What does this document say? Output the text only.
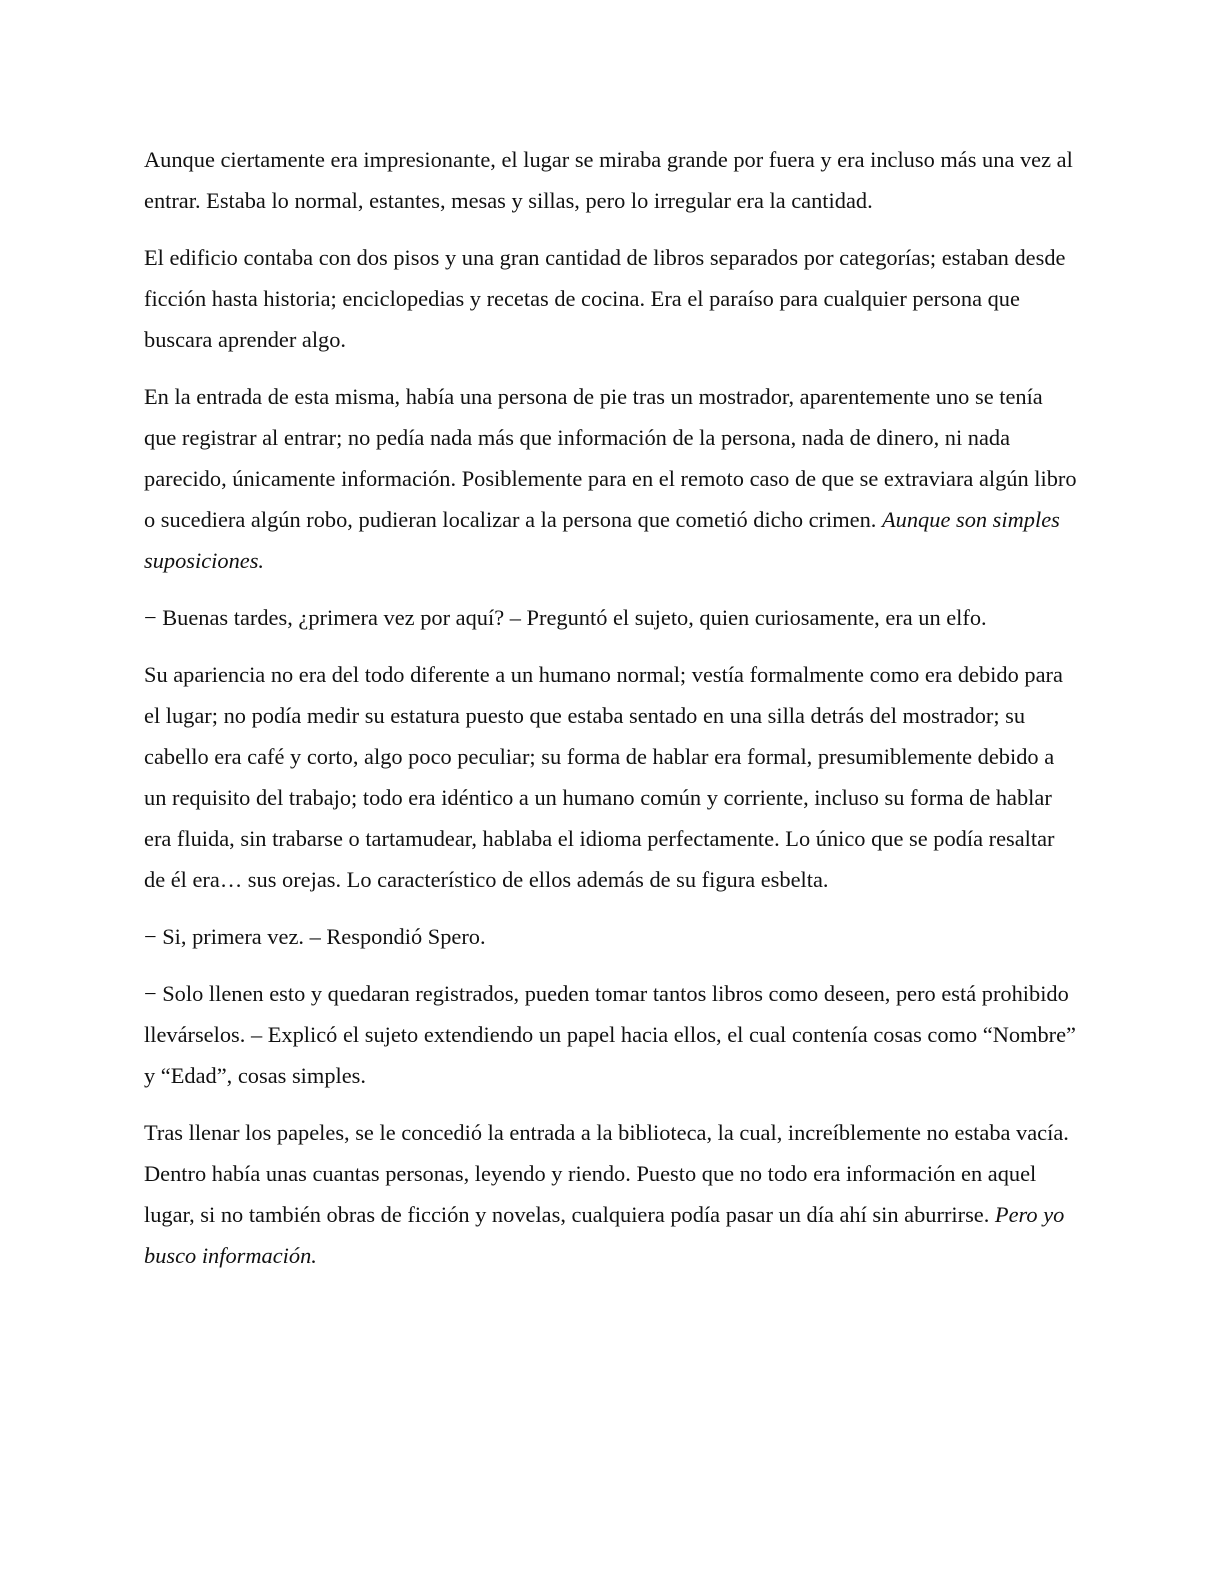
Aunque ciertamente era impresionante, el lugar se miraba grande por fuera y era incluso más una vez al entrar. Estaba lo normal, estantes, mesas y sillas, pero lo irregular era la cantidad.

El edificio contaba con dos pisos y una gran cantidad de libros separados por categorías; estaban desde ficción hasta historia; enciclopedias y recetas de cocina. Era el paraíso para cualquier persona que buscara aprender algo.

En la entrada de esta misma, había una persona de pie tras un mostrador, aparentemente uno se tenía que registrar al entrar; no pedía nada más que información de la persona, nada de dinero, ni nada parecido, únicamente información. Posiblemente para en el remoto caso de que se extraviara algún libro o sucediera algún robo, pudieran localizar a la persona que cometió dicho crimen. Aunque son simples suposiciones.

− Buenas tardes, ¿primera vez por aquí? – Preguntó el sujeto, quien curiosamente, era un elfo.

Su apariencia no era del todo diferente a un humano normal; vestía formalmente como era debido para el lugar; no podía medir su estatura puesto que estaba sentado en una silla detrás del mostrador; su cabello era café y corto, algo poco peculiar; su forma de hablar era formal, presumiblemente debido a un requisito del trabajo; todo era idéntico a un humano común y corriente, incluso su forma de hablar era fluida, sin trabarse o tartamudear, hablaba el idioma perfectamente. Lo único que se podía resaltar de él era… sus orejas. Lo característico de ellos además de su figura esbelta.

− Si, primera vez. – Respondió Spero.

− Solo llenen esto y quedaran registrados, pueden tomar tantos libros como deseen, pero está prohibido llevárselos. – Explicó el sujeto extendiendo un papel hacia ellos, el cual contenía cosas como “Nombre” y “Edad”, cosas simples.

Tras llenar los papeles, se le concedió la entrada a la biblioteca, la cual, increíblemente no estaba vacía. Dentro había unas cuantas personas, leyendo y riendo. Puesto que no todo era información en aquel lugar, si no también obras de ficción y novelas, cualquiera podía pasar un día ahí sin aburrirse. Pero yo busco información.
